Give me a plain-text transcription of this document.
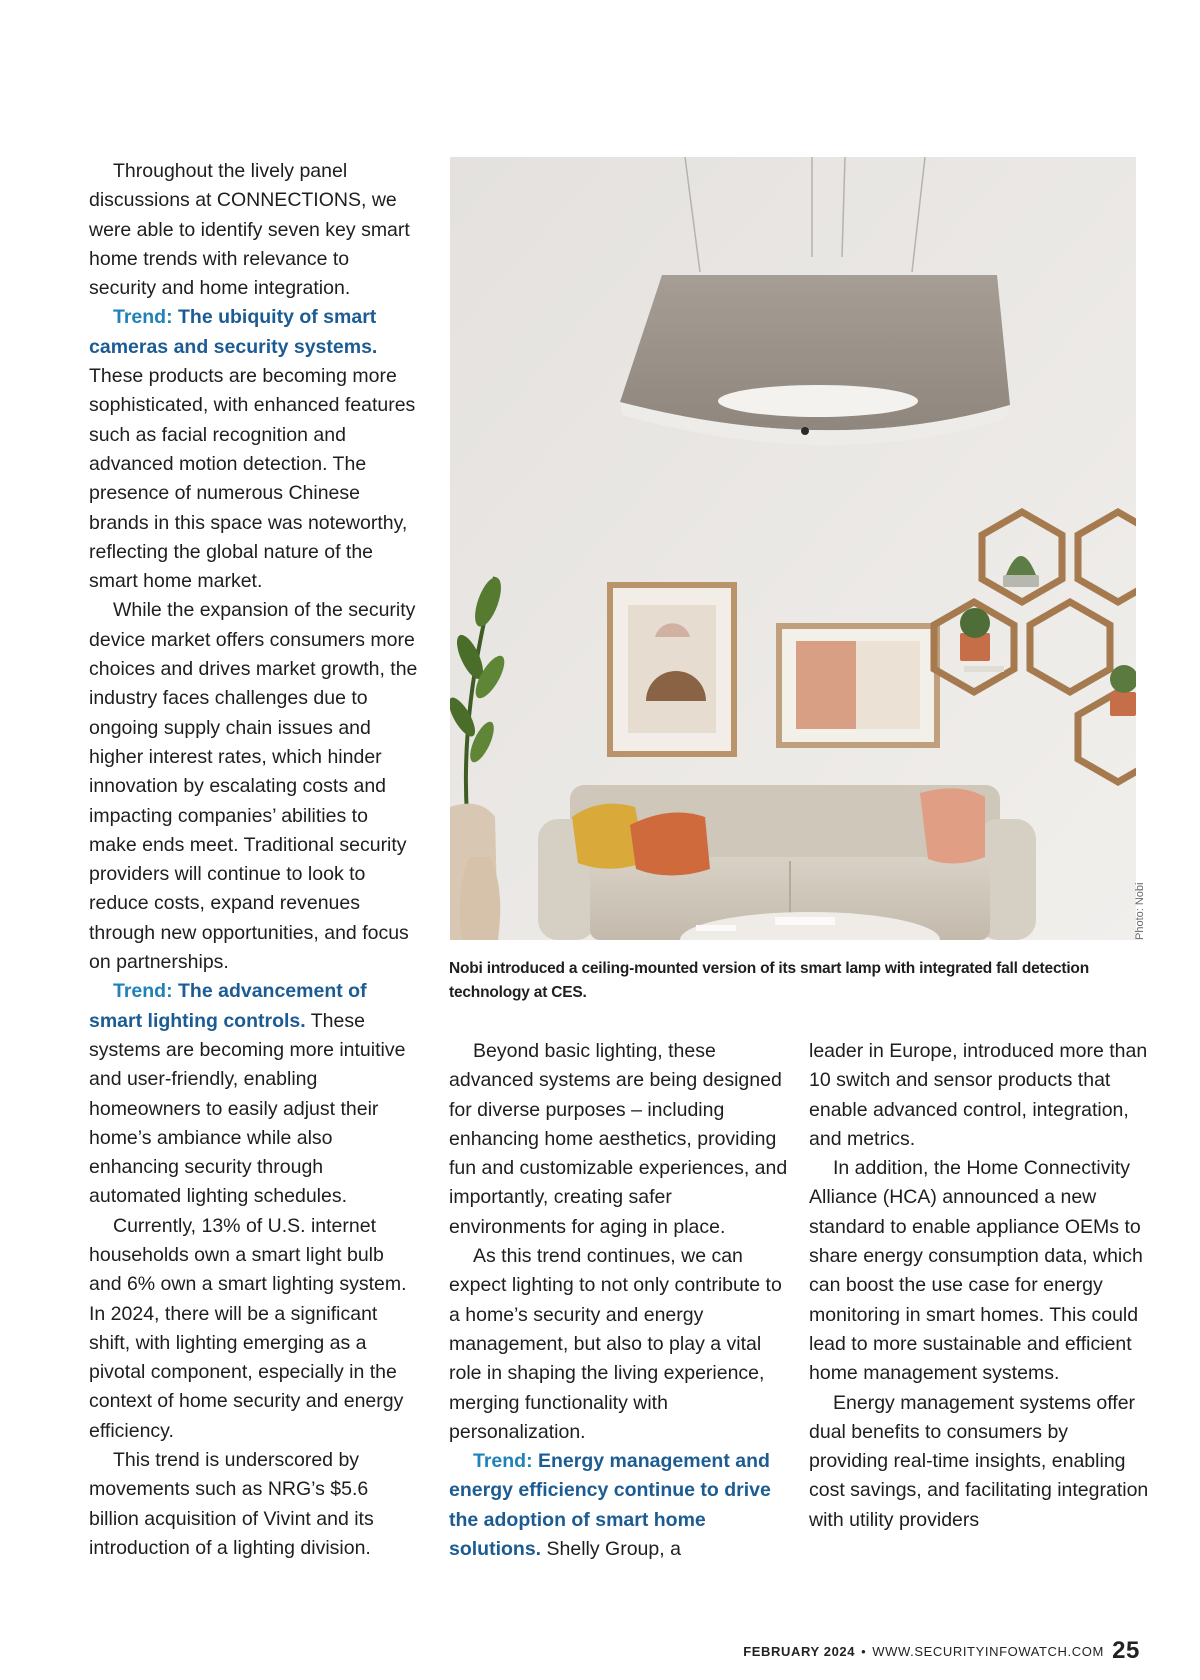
Throughout the lively panel discussions at CONNECTIONS, we were able to identify seven key smart home trends with relevance to security and home integration.

Trend: The ubiquity of smart cameras and security systems. These products are becoming more sophisticated, with enhanced features such as facial recognition and advanced motion detection. The presence of numerous Chinese brands in this space was noteworthy, reflecting the global nature of the smart home market.

While the expansion of the security device market offers consumers more choices and drives market growth, the industry faces challenges due to ongoing supply chain issues and higher interest rates, which hinder innovation by escalating costs and impacting companies’ abilities to make ends meet. Traditional security providers will continue to look to reduce costs, expand revenues through new opportunities, and focus on partnerships.

Trend: The advancement of smart lighting controls. These systems are becoming more intuitive and user-friendly, enabling homeowners to easily adjust their home’s ambiance while also enhancing security through automated lighting schedules.

Currently, 13% of U.S. internet households own a smart light bulb and 6% own a smart lighting system. In 2024, there will be a significant shift, with lighting emerging as a pivotal component, especially in the context of home security and energy efficiency.

This trend is underscored by movements such as NRG’s $5.6 billion acquisition of Vivint and its introduction of a lighting division.

Photo: Nobi
Nobi introduced a ceiling-mounted version of its smart lamp with integrated fall detection technology at CES.

Beyond basic lighting, these advanced systems are being designed for diverse purposes – including enhancing home aesthetics, providing fun and customizable experiences, and importantly, creating safer environments for aging in place.

As this trend continues, we can expect lighting to not only contribute to a home’s security and energy management, but also to play a vital role in shaping the living experience, merging functionality with personalization.

Trend: Energy management and energy efficiency continue to drive the adoption of smart home solutions. Shelly Group, a

leader in Europe, introduced more than 10 switch and sensor products that enable advanced control, integration, and metrics.

In addition, the Home Connectivity Alliance (HCA) announced a new standard to enable appliance OEMs to share energy consumption data, which can boost the use case for energy monitoring in smart homes. This could lead to more sustainable and efficient home management systems.

Energy management systems offer dual benefits to consumers by providing real-time insights, enabling cost savings, and facilitating integration with utility providers

FEBRUARY 2024 • WWW.SECURITYINFOWATCH.COM 25
